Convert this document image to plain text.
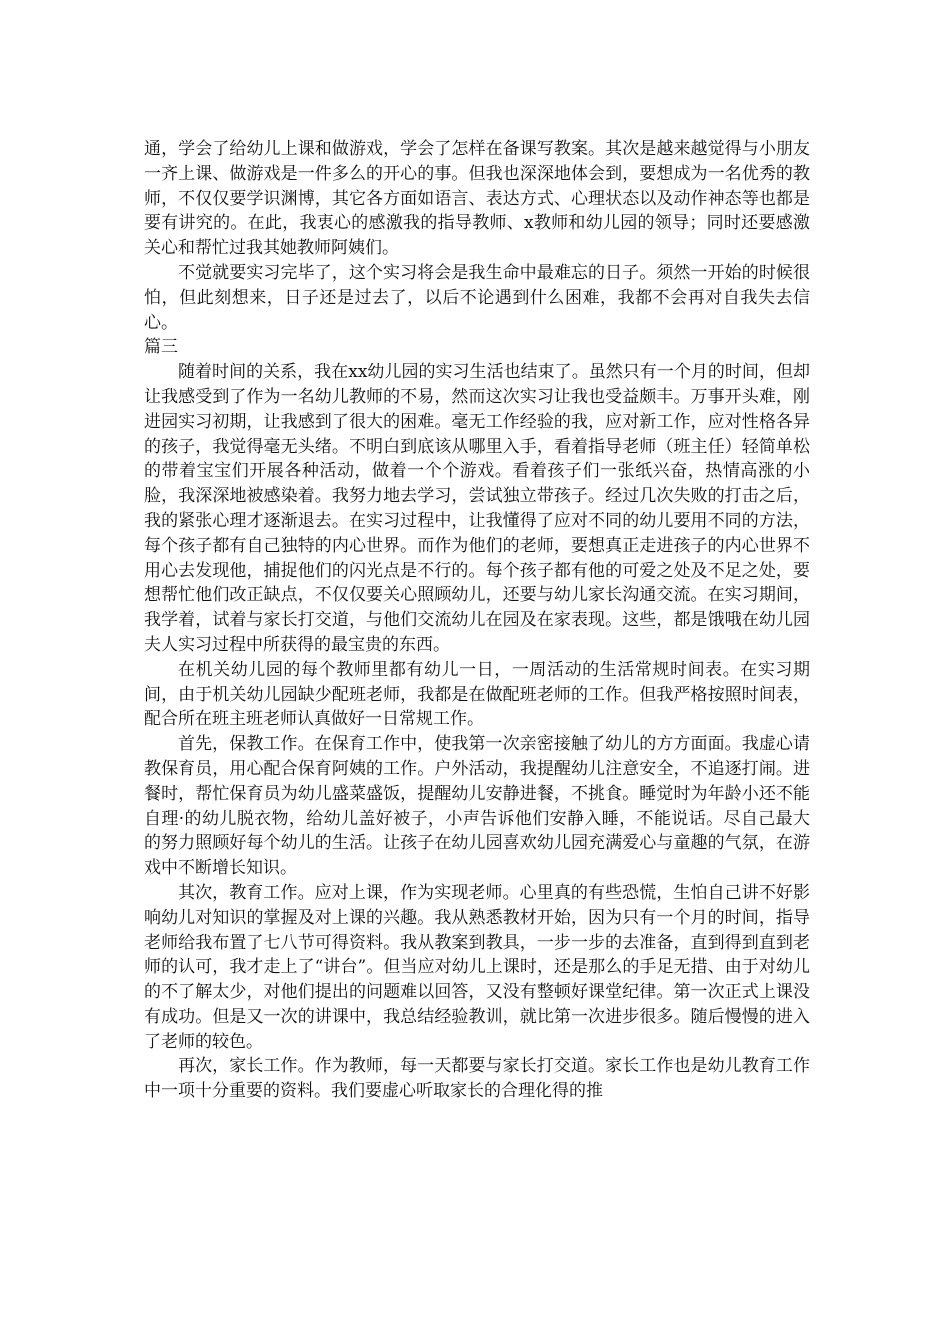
通，学会了给幼儿上课和做游戏，学会了怎样在备课写教案。其次是越来越觉得与小朋友一齐上课、做游戏是一件多么的开心的事。但我也深深地体会到，要想成为一名优秀的教师，不仅仅要学识渊博，其它各方面如语言、表达方式、心理状态以及动作神态等也都是要有讲究的。在此，我衷心的感激我的指导教师、x教师和幼儿园的领导；同时还要感激关心和帮忙过我其她教师阿姨们。

不觉就要实习完毕了，这个实习将会是我生命中最难忘的日子。须然一开始的时候很怕，但此刻想来，日子还是过去了，以后不论遇到什么困难，我都不会再对自我失去信心。

篇三

随着时间的关系，我在xx幼儿园的实习生活也结束了。虽然只有一个月的时间，但却让我感受到了作为一名幼儿教师的不易，然而这次实习让我也受益颇丰。万事开头难，刚进园实习初期，让我感到了很大的困难。毫无工作经验的我，应对新工作，应对性格各异的孩子，我觉得毫无头绪。不明白到底该从哪里入手，看着指导老师（班主任）轻简单松的带着宝宝们开展各种活动，做着一个个游戏。看着孩子们一张纸兴奋，热情高涨的小脸，我深深地被感染着。我努力地去学习，尝试独立带孩子。经过几次失败的打击之后，我的紧张心理才逐渐退去。在实习过程中，让我懂得了应对不同的幼儿要用不同的方法，每个孩子都有自己独特的内心世界。而作为他们的老师，要想真正走进孩子的内心世界不用心去发现他，捕捉他们的闪光点是不行的。每个孩子都有他的可爱之处及不足之处，要想帮忙他们改正缺点，不仅仅要关心照顾幼儿，还要与幼儿家长沟通交流。在实习期间，我学着，试着与家长打交道，与他们交流幼儿在园及在家表现。这些，都是饿哦在幼儿园夫人实习过程中所获得的最宝贵的东西。

在机关幼儿园的每个教师里都有幼儿一日，一周活动的生活常规时间表。在实习期间，由于机关幼儿园缺少配班老师，我都是在做配班老师的工作。但我严格按照时间表，配合所在班主班老师认真做好一日常规工作。

首先，保教工作。在保育工作中，使我第一次亲密接触了幼儿的方方面面。我虚心请教保育员，用心配合保育阿姨的工作。户外活动，我提醒幼儿注意安全，不追逐打闹。进餐时，帮忙保育员为幼儿盛菜盛饭，提醒幼儿安静进餐，不挑食。睡觉时为年龄小还不能自理·的幼儿脱衣物，给幼儿盖好被子，小声告诉他们安静入睡，不能说话。尽自己最大的努力照顾好每个幼儿的生活。让孩子在幼儿园喜欢幼儿园充满爱心与童趣的气氛，在游戏中不断增长知识。

其次，教育工作。应对上课，作为实现老师。心里真的有些恐慌，生怕自己讲不好影响幼儿对知识的掌握及对上课的兴趣。我从熟悉教材开始，因为只有一个月的时间，指导老师给我布置了七八节可得资料。我从教案到教具，一步一步的去准备，直到得到直到老师的认可，我才走上了“讲台”。但当应对幼儿上课时，还是那么的手足无措、由于对幼儿的不了解太少，对他们提出的问题难以回答，又没有整顿好课堂纪律。第一次正式上课没有成功。但是又一次的讲课中，我总结经验教训，就比第一次进步很多。随后慢慢的进入了老师的较色。

再次，家长工作。作为教师，每一天都要与家长打交道。家长工作也是幼儿教育工作中一项十分重要的资料。我们要虚心听取家长的合理化得的推
